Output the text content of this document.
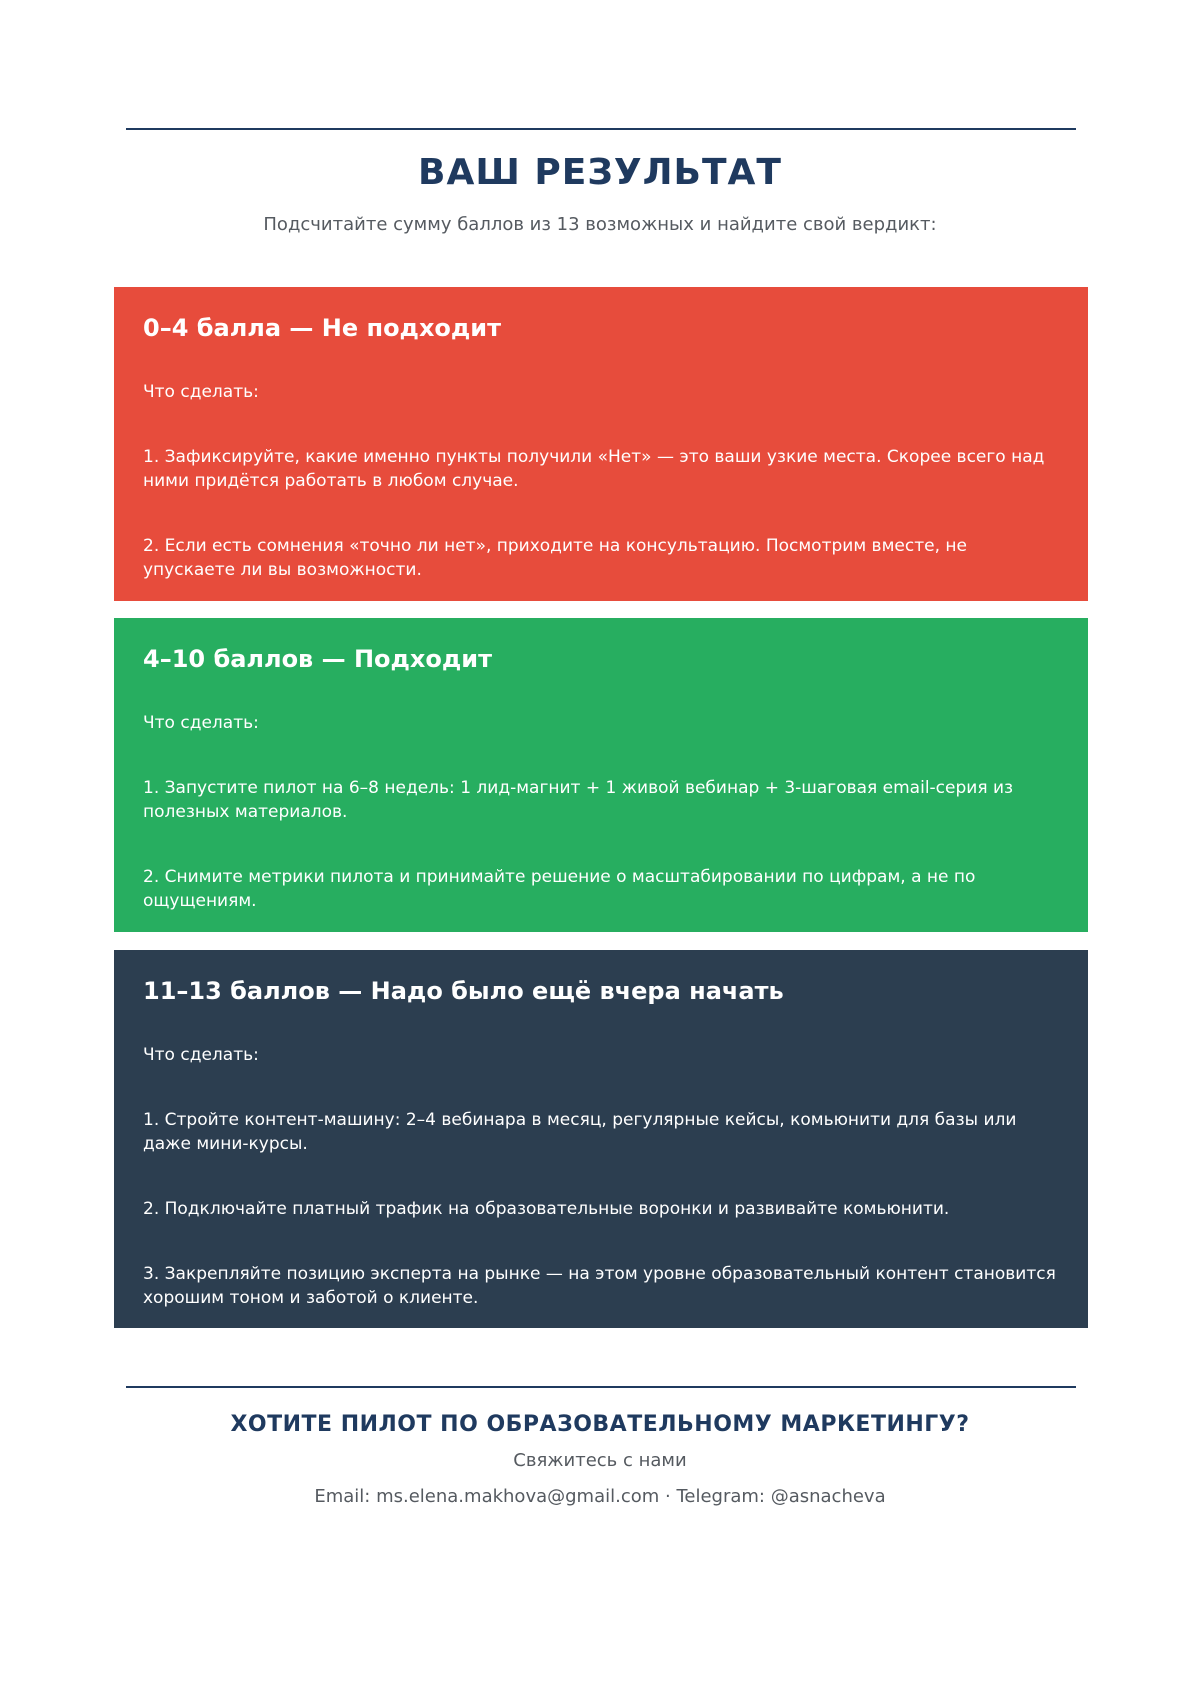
ВАШ РЕЗУЛЬТАТ

Подсчитайте сумму баллов из 13 возможных и найдите свой вердикт:

0–4 балла — Не подходит

Что сделать:

1. Зафиксируйте, какие именно пункты получили «Нет» — это ваши узкие места. Скорее всего над ними придётся работать в любом случае.

2. Если есть сомнения «точно ли нет», приходите на консультацию. Посмотрим вместе, не упускаете ли вы возможности.

4–10 баллов — Подходит

Что сделать:

1. Запустите пилот на 6–8 недель: 1 лид-магнит + 1 живой вебинар + 3-шаговая email-серия из полезных материалов.

2. Снимите метрики пилота и принимайте решение о масштабировании по цифрам, а не по ощущениям.

11–13 баллов — Надо было ещё вчера начать

Что сделать:

1. Стройте контент-машину: 2–4 вебинара в месяц, регулярные кейсы, комьюнити для базы или даже мини-курсы.

2. Подключайте платный трафик на образовательные воронки и развивайте комьюнити.

3. Закрепляйте позицию эксперта на рынке — на этом уровне образовательный контент становится хорошим тоном и заботой о клиенте.

ХОТИТЕ ПИЛОТ ПО ОБРАЗОВАТЕЛЬНОМУ МАРКЕТИНГУ?

Свяжитесь с нами

Email: ms.elena.makhova@gmail.com · Telegram: @asnacheva
